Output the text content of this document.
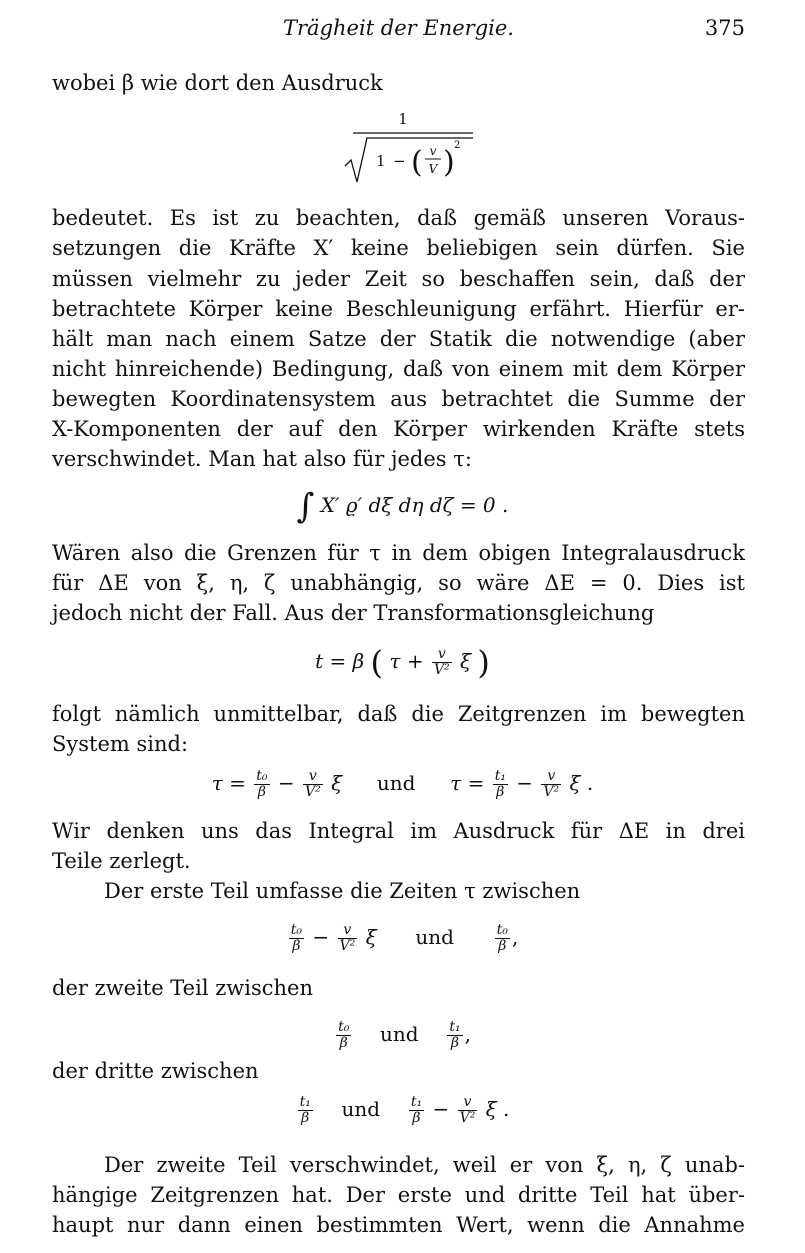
Trägheit der Energie.	375
wobei β wie dort den Ausdruck
1
1 − ( v
V ) 2
bedeutet. Es ist zu beachten, daß gemäß unseren Voraus-
setzungen die Kräfte X′ keine beliebigen sein dürfen. Sie
müssen vielmehr zu jeder Zeit so beschaffen sein, daß der
betrachtete Körper keine Beschleunigung erfährt. Hierfür er-
hält man nach einem Satze der Statik die notwendige (aber
nicht hinreichende) Bedingung, daß von einem mit dem Körper
bewegten Koordinatensystem aus betrachtet die Summe der
X-Komponenten der auf den Körper wirkenden Kräfte stets
verschwindet. Man hat also für jedes τ:
∫ X′ ϱ′ dξ dη dζ = 0 .
Wären also die Grenzen für τ in dem obigen Integralausdruck
für ΔE von ξ, η, ζ unabhängig, so wäre ΔE = 0. Dies ist
jedoch nicht der Fall. Aus der Transformationsgleichung
t = β ( $\tau + \frac{v}{\text{V²}}$ ξ )
folgt nämlich unmittelbar, daß die Zeitgrenzen im bewegten
System sind:
$\tau = \frac{\text{t₀}}{\beta} - \frac{v}{\text{V²}}$ ξ und $\tau = \frac{\text{t₁}}{\beta} - \frac{v}{\text{V²}}$ ξ .
Wir denken uns das Integral im Ausdruck für ΔE in drei
Teile zerlegt.
Der erste Teil umfasse die Zeiten τ zwischen
$\frac{\text{t₀}}{\beta} - \frac{v}{\text{V²}}$ ξ und	$\frac{\text{t₀}}{\beta}$ ,
der zweite Teil zwischen
$\frac{\text{t₀}}{\beta}$ und $\frac{\text{t₁}}{\beta}$ ,
der dritte zwischen
$\frac{\text{t₁}}{\beta}$ und $\frac{\text{t₁}}{\beta} - \frac{v}{\text{V²}}$ ξ .
Der zweite Teil verschwindet, weil er von ξ, η, ζ unab-
hängige Zeitgrenzen hat. Der erste und dritte Teil hat über-
haupt nur dann einen bestimmten Wert, wenn die Annahme
